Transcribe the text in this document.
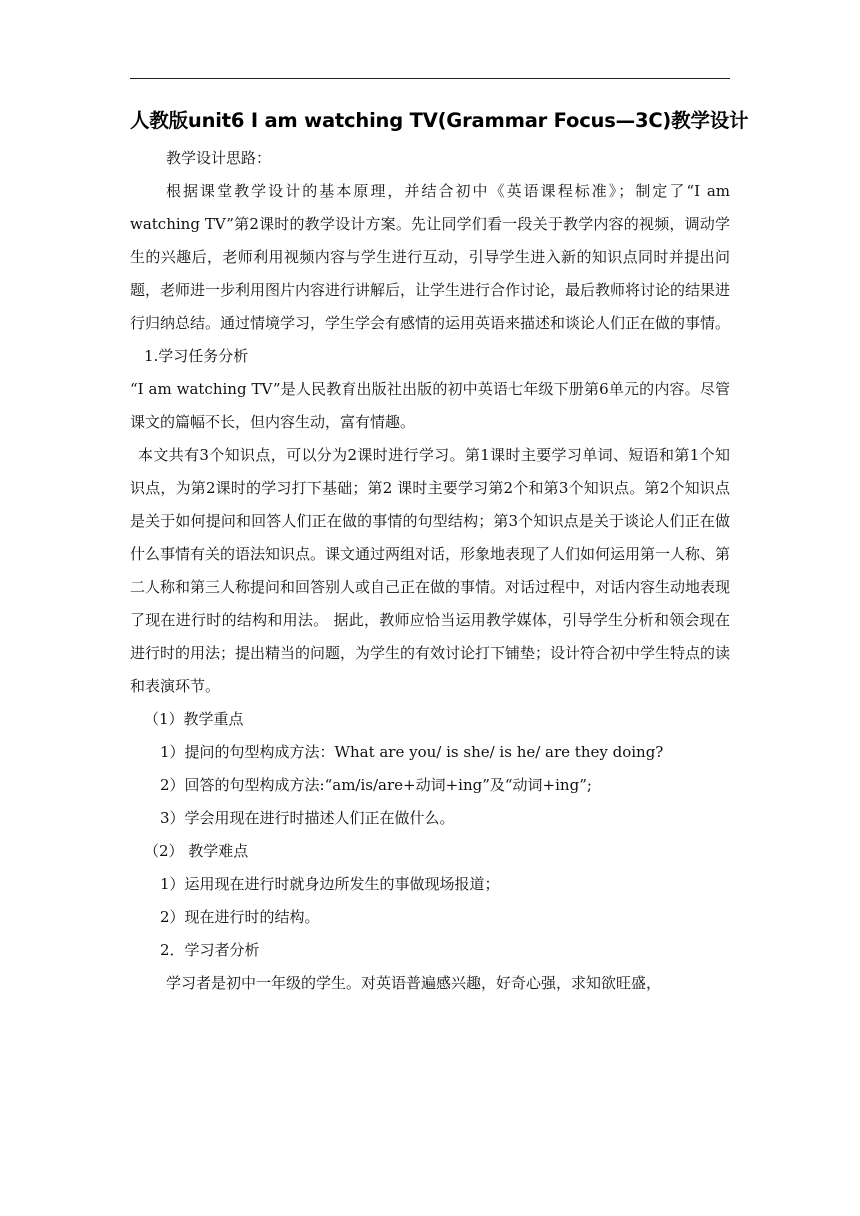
人教版unit6 I am watching TV(Grammar Focus—3C)教学设计

教学设计思路：

根据课堂教学设计的基本原理，并结合初中《英语课程标准》；制定了“I am watching TV”第2课时的教学设计方案。先让同学们看一段关于教学内容的视频，调动学生的兴趣后，老师利用视频内容与学生进行互动，引导学生进入新的知识点同时并提出问题，老师进一步利用图片内容进行讲解后，让学生进行合作讨论，最后教师将讨论的结果进行归纳总结。通过情境学习，学生学会有感情的运用英语来描述和谈论人们正在做的事情。

1.学习任务分析

“I am watching TV”是人民教育出版社出版的初中英语七年级下册第6单元的内容。尽管课文的篇幅不长，但内容生动，富有情趣。

本文共有3个知识点，可以分为2课时进行学习。第1课时主要学习单词、短语和第1个知识点，为第2课时的学习打下基础；第2 课时主要学习第2个和第3个知识点。第2个知识点是关于如何提问和回答人们正在做的事情的句型结构；第3个知识点是关于谈论人们正在做什么事情有关的语法知识点。课文通过两组对话，形象地表现了人们如何运用第一人称、第二人称和第三人称提问和回答别人或自己正在做的事情。对话过程中，对话内容生动地表现了现在进行时的结构和用法。 据此，教师应恰当运用教学媒体，引导学生分析和领会现在进行时的用法；提出精当的问题，为学生的有效讨论打下铺垫；设计符合初中学生特点的读和表演环节。

（1）教学重点

1）提问的句型构成方法：What are you/ is she/ is he/ are they doing?

2）回答的句型构成方法:“am/is/are+动词+ing”及“动词+ing”;

3）学会用现在进行时描述人们正在做什么。

（2） 教学难点

1）运用现在进行时就身边所发生的事做现场报道；

2）现在进行时的结构。

2．学习者分析

学习者是初中一年级的学生。对英语普遍感兴趣，好奇心强，求知欲旺盛，
